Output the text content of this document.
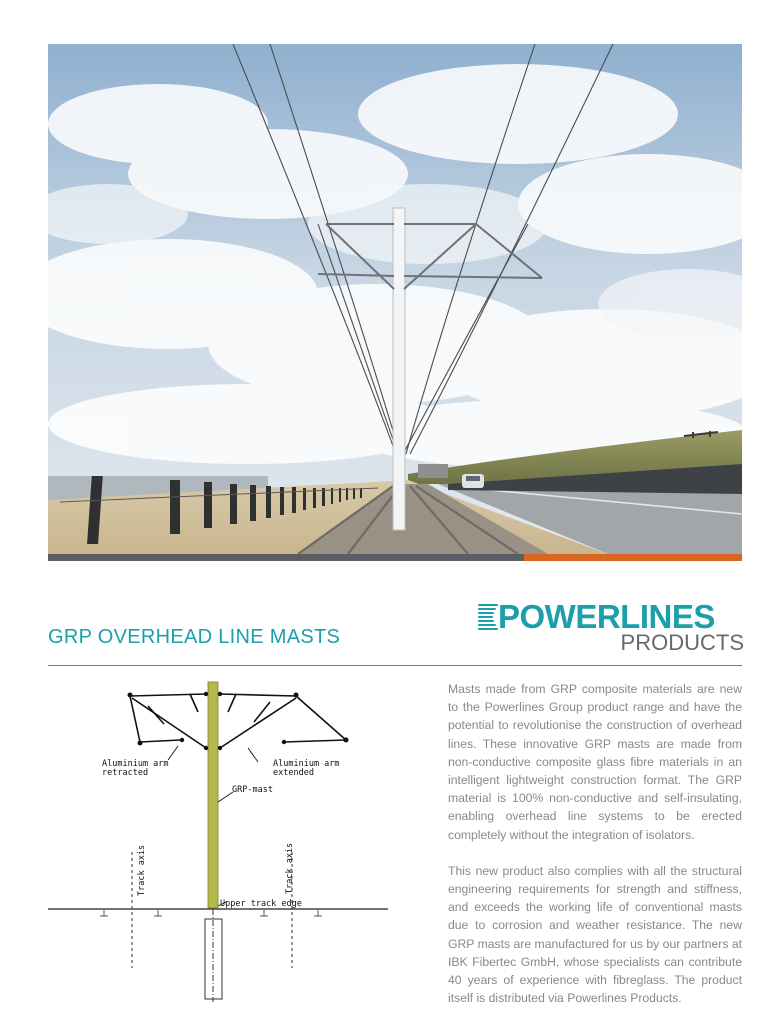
GRP OVERHEAD LINE MASTS
POWERLINES
PRODUCTS
Aluminium arm
retracted
Aluminium arm
extended
GRP-mast
Upper track edge
Track axis	Track axis

Masts made from GRP composite materials are new to the Powerlines Group product range and have the potential to revolutionise the construction of overhead lines. These innovative GRP masts are made from non-conductive composite glass fibre materials in an intelligent lightweight construction format. The GRP material is 100% non-conductive and self-insulating, enabling overhead line systems to be erected completely without the integration of isolators.

This new product also complies with all the structural engineering requirements for strength and stiffness, and exceeds the working life of conventional masts due to corrosion and weather resistance. The new GRP masts are manufactured for us by our partners at IBK Fibertec GmbH, whose specialists can contribute 40 years of experience with fibreglass. The product itself is distributed via Powerlines Products.
